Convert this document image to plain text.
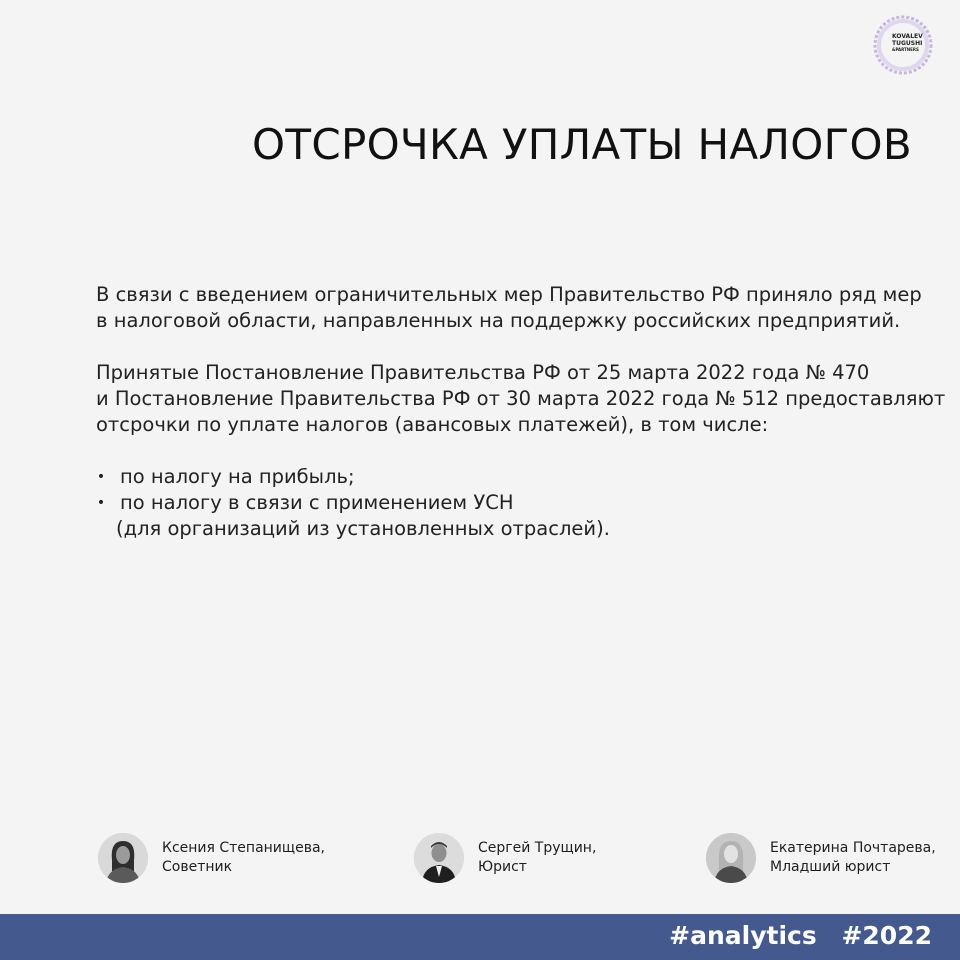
KOVALEV
TUGUSHI
&PARTNERS
ОТСРОЧКА УПЛАТЫ НАЛОГОВ

В связи с введением ограничительных мер Правительство РФ приняло ряд мер
в налоговой области, направленных на поддержку российских предприятий.

Принятые Постановление Правительства РФ от 25 марта 2022 года № 470
и Постановление Правительства РФ от 30 марта 2022 года № 512 предоставляют
отсрочки по уплате налогов (авансовых платежей), в том числе:

• по налогу на прибыль;
• по налогу в связи с применением УСН
(для организаций из установленных отраслей).
Ксения Степанищева,
Советник
Сергей Трущин,
Юрист
Екатерина Почтарева,
Младший юрист
#analytics #2022
